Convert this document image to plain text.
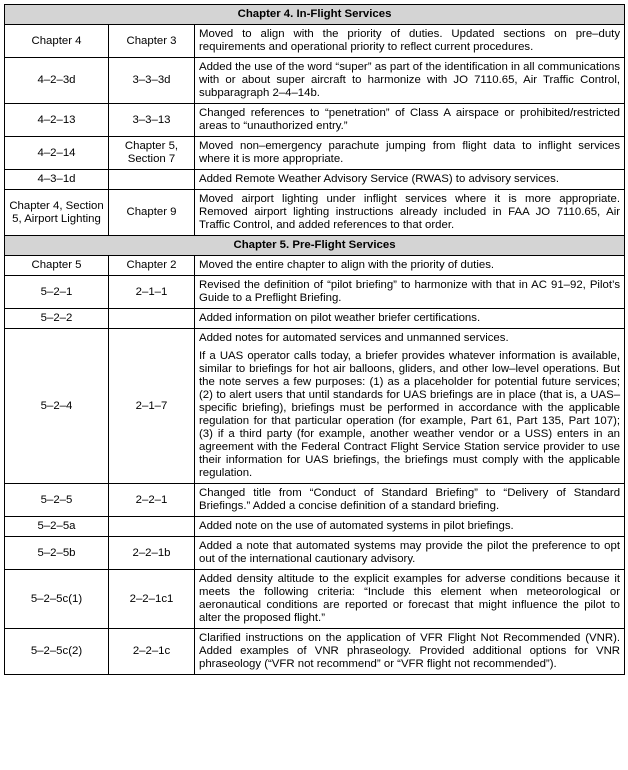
Chapter 4. In-Flight Services		
Chapter 4	Chapter 3	Moved to align with the priority of duties. Updated sections on pre–duty requirements and operational priority to reflect current procedures.

4–2–3d	3–3–3d	Added the use of the word “super” as part of the identification in all communications with or about super aircraft to harmonize with JO 7110.65, Air Traffic Control, subparagraph 2–4–14b.

4–2–13	3–3–13	Changed references to “penetration” of Class A airspace or prohibited/restricted areas to “unauthorized entry.”

4–2–14	Chapter 5, Section 7	Moved non–emergency parachute jumping from flight data to inflight services where it is more appropriate.

4–3–1d		Added Remote Weather Advisory Service (RWAS) to advisory services.

Chapter 4, Section 5, Airport Lighting	Chapter 9	Moved airport lighting under inflight services where it is more appropriate. Removed airport lighting instructions already included in FAA JO 7110.65, Air Traffic Control, and added references to that order.

Chapter 5. Pre-Flight Services		
Chapter 5	Chapter 2	Moved the entire chapter to align with the priority of duties.

5–2–1	2–1–1	Revised the definition of “pilot briefing” to harmonize with that in AC 91–92, Pilot’s Guide to a Preflight Briefing.

5–2–2		Added information on pilot weather briefer certifications.

5–2–4	2–1–7	Added notes for automated services and unmanned services.

If a UAS operator calls today, a briefer provides whatever information is available, similar to briefings for hot air balloons, gliders, and other low–level operations. But the note serves a few purposes: (1) as a placeholder for potential future services; (2) to alert users that until standards for UAS briefings are in place (that is, a UAS–specific briefing), briefings must be performed in accordance with the applicable regulation for that particular operation (for example, Part 61, Part 135, Part 107); (3) if a third party (for example, another weather vendor or a USS) enters in an agreement with the Federal Contract Flight Service Station service provider to use their information for UAS briefings, the briefings must comply with the applicable regulation.

5–2–5	2–2–1	Changed title from “Conduct of Standard Briefing” to “Delivery of Standard Briefings.” Added a concise definition of a standard briefing.

5–2–5a		Added note on the use of automated systems in pilot briefings.

5–2–5b	2–2–1b	Added a note that automated systems may provide the pilot the preference to opt out of the international cautionary advisory.

5–2–5c(1)	2–2–1c1	Added density altitude to the explicit examples for adverse conditions because it meets the following criteria: “Include this element when meteorological or aeronautical conditions are reported or forecast that might influence the pilot to alter the proposed flight.”

5–2–5c(2)	2–2–1c	Clarified instructions on the application of VFR Flight Not Recommended (VNR). Added examples of VNR phraseology. Provided additional options for VNR phraseology (“VFR not recommend” or “VFR flight not recommended”).
